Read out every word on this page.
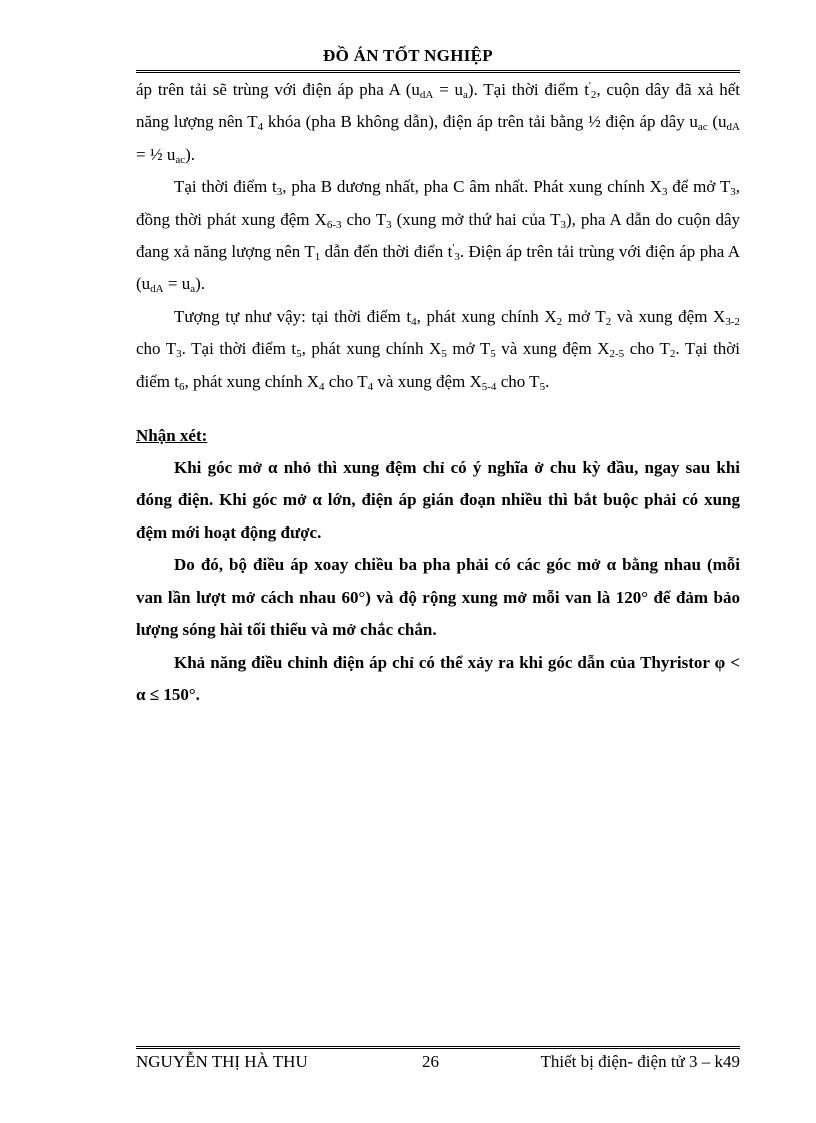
ĐỒ ÁN TỐT NGHIỆP

áp trên tải sẽ trùng với điện áp pha A $(u_{dA} = u_a)$. Tại thời điểm $t'_2$, cuộn dây đã xả hết năng lượng nên $T_4$ khóa (pha B không dẫn), điện áp trên tải bằng ½ điện áp dây $u_{ac}$ ($u_{dA}$ = ½ $u_{ac}$).

Tại thời điểm $t_3$, pha B dương nhất, pha C âm nhất. Phát xung chính $X_3$ để mở $T_3$, đồng thời phát xung đệm $X_{6-3}$ cho $T_3$ (xung mở thứ hai của $T_3$), pha A dẫn do cuộn dây đang xả năng lượng nên $T_1$ dẫn đến thời điển $t'_3$. Điện áp trên tải trùng với điện áp pha A $(u_{dA} = u_a)$.

Tượng tự như vậy: tại thời điểm $t_4$, phát xung chính $X_2$ mở $T_2$ và xung đệm $X_{3-2}$ cho $T_3$. Tại thời điểm $t_5$, phát xung chính $X_5$ mở $T_5$ và xung đệm $X_{2-5}$ cho $T_2$. Tại thời điểm $t_6$, phát xung chính $X_4$ cho $T_4$ và xung đệm $X_{5-4}$ cho $T_5$.

Nhận xét:

Khi góc mở α nhỏ thì xung đệm chỉ có ý nghĩa ở chu kỳ đầu, ngay sau khi đóng điện. Khi góc mở α lớn, điện áp gián đoạn nhiều thì bắt buộc phải có xung đệm mới hoạt động được.

Do đó, bộ điều áp xoay chiều ba pha phải có các góc mở α bằng nhau (mỗi van lần lượt mở cách nhau 60°) và độ rộng xung mở mỗi van là 120° để đảm bảo lượng sóng hài tối thiểu và mở chắc chắn.

Khả năng điều chỉnh điện áp chỉ có thể xảy ra khi góc dẫn của Thyristor φ < α ≤ 150°.

NGUYỄN THỊ HÀ THU	26	Thiết bị điện- điện tử 3 – k49
